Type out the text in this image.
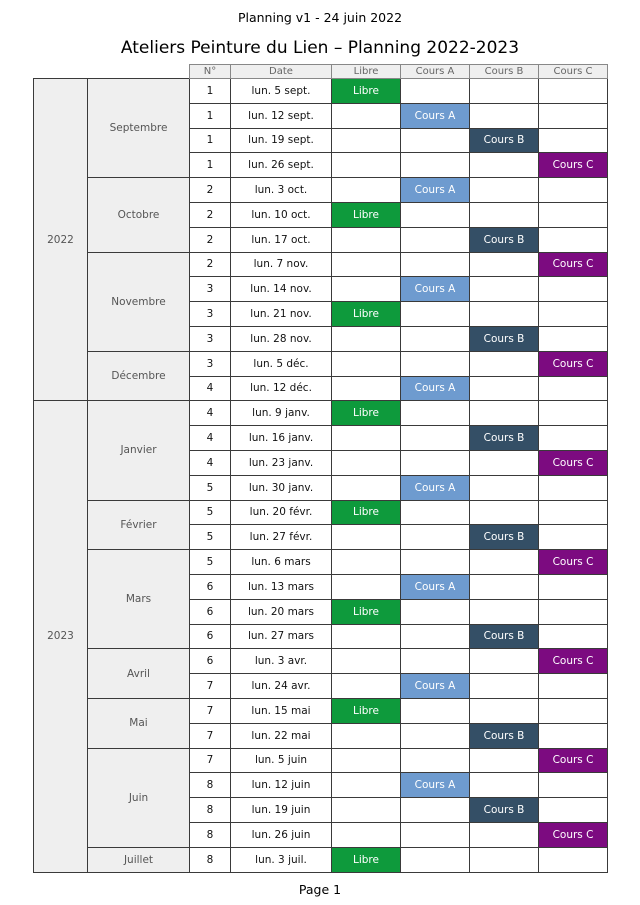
Planning v1 - 24 juin 2022
Ateliers Peinture du Lien – Planning 2022-2023
		N°	Date	Libre	Cours A	Cours B	Cours C
2022	Septembre	1	lun. 5 sept.	Libre			
		1	lun. 12 sept.		Cours A		
		1	lun. 19 sept.			Cours B	
		1	lun. 26 sept.				Cours C
	Octobre	2	lun. 3 oct.		Cours A		
		2	lun. 10 oct.	Libre			
		2	lun. 17 oct.			Cours B	
	Novembre	2	lun. 7 nov.				Cours C
		3	lun. 14 nov.		Cours A		
		3	lun. 21 nov.	Libre			
		3	lun. 28 nov.			Cours B	
	Décembre	3	lun. 5 déc.				Cours C
		4	lun. 12 déc.		Cours A		
2023	Janvier	4	lun. 9 janv.	Libre			
		4	lun. 16 janv.			Cours B	
		4	lun. 23 janv.				Cours C
		5	lun. 30 janv.		Cours A		
	Février	5	lun. 20 févr.	Libre			
		5	lun. 27 févr.			Cours B	
	Mars	5	lun. 6 mars				Cours C
		6	lun. 13 mars		Cours A		
		6	lun. 20 mars	Libre			
		6	lun. 27 mars			Cours B	
	Avril	6	lun. 3 avr.				Cours C
		7	lun. 24 avr.		Cours A		
	Mai	7	lun. 15 mai	Libre			
		7	lun. 22 mai			Cours B	
	Juin	7	lun. 5 juin				Cours C
		8	lun. 12 juin		Cours A		
		8	lun. 19 juin			Cours B	
		8	lun. 26 juin				Cours C
	Juillet	8	lun. 3 juil.	Libre			
Page 1
